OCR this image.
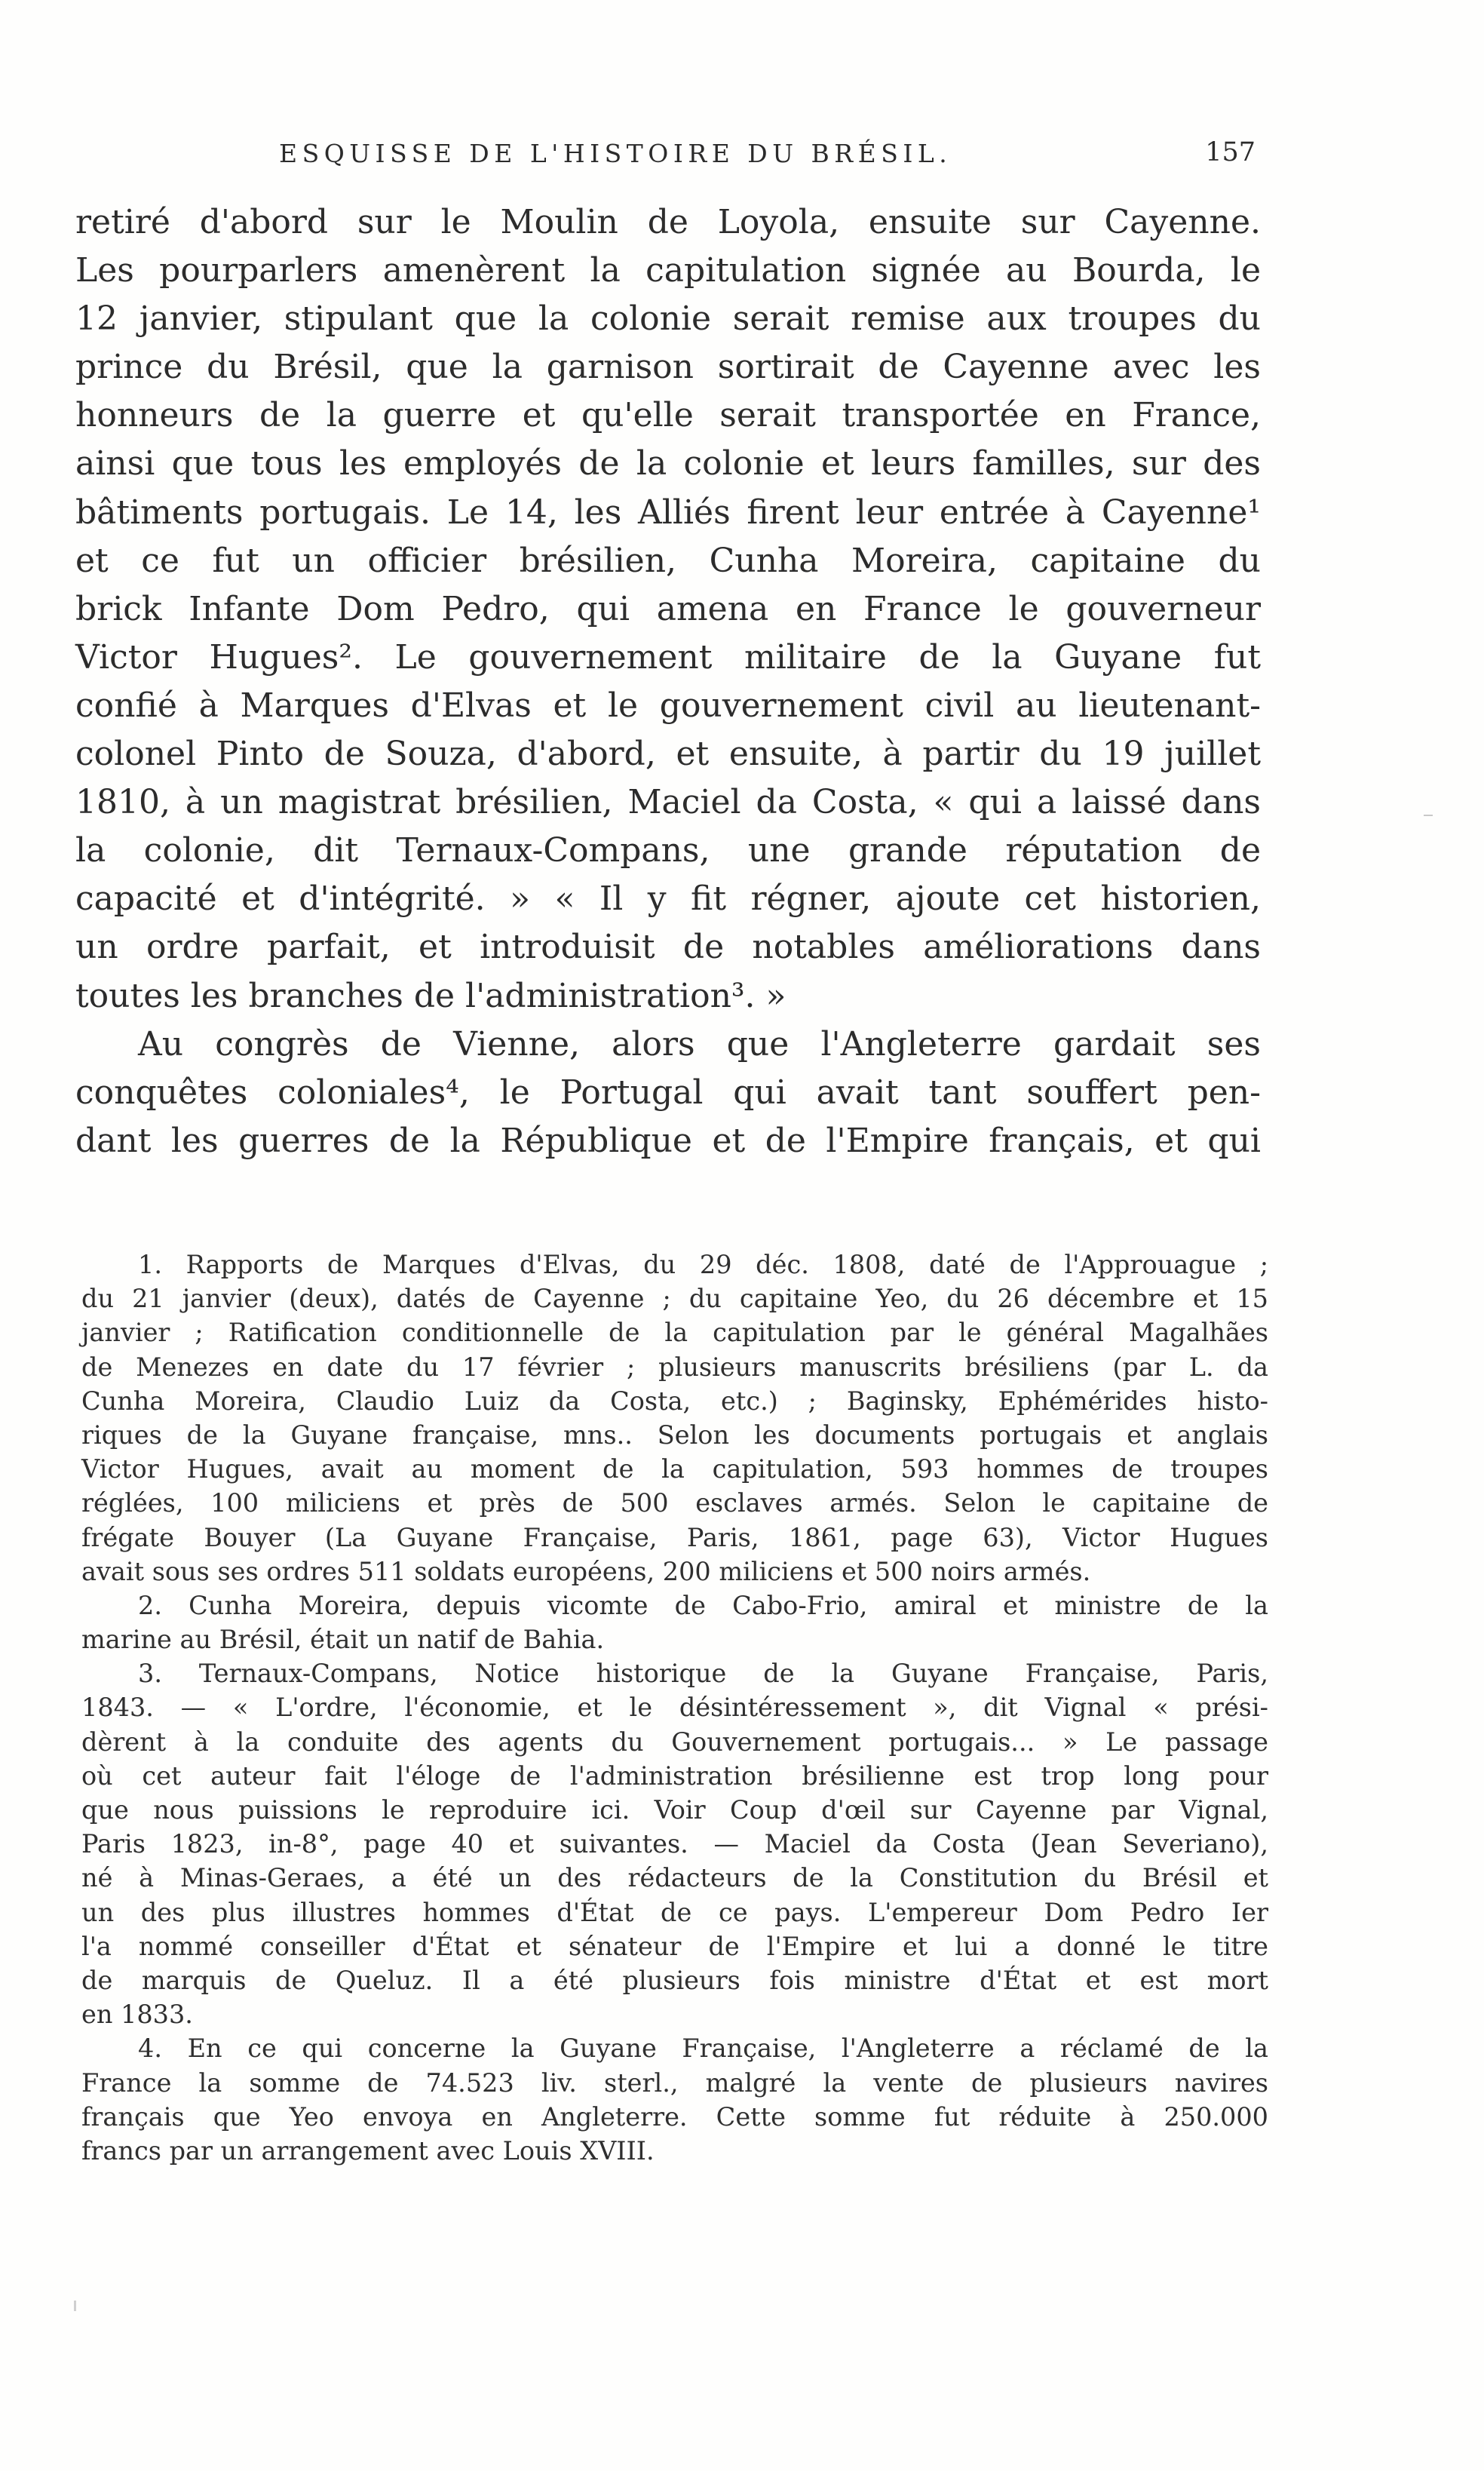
ESQUISSE DE L'HISTOIRE DU BRÉSIL.	157
retiré d'abord sur le Moulin de Loyola, ensuite sur Cayenne.
Les pourparlers amenèrent la capitulation signée au Bourda, le
12 janvier, stipulant que la colonie serait remise aux troupes du
prince du Brésil, que la garnison sortirait de Cayenne avec les
honneurs de la guerre et qu'elle serait transportée en France,
ainsi que tous les employés de la colonie et leurs familles, sur des
bâtiments portugais. Le 14, les Alliés firent leur entrée à Cayenne¹
et ce fut un officier brésilien, Cunha Moreira, capitaine du
brick Infante Dom Pedro, qui amena en France le gouverneur
Victor Hugues². Le gouvernement militaire de la Guyane fut
confié à Marques d'Elvas et le gouvernement civil au lieutenant-
colonel Pinto de Souza, d'abord, et ensuite, à partir du 19 juillet
1810, à un magistrat brésilien, Maciel da Costa, « qui a laissé dans
la colonie, dit Ternaux-Compans, une grande réputation de
capacité et d'intégrité. » « Il y fit régner, ajoute cet historien,
un ordre parfait, et introduisit de notables améliorations dans
toutes les branches de l'administration³. »
Au congrès de Vienne, alors que l'Angleterre gardait ses
conquêtes coloniales⁴, le Portugal qui avait tant souffert pen-
dant les guerres de la République et de l'Empire français, et qui
1. Rapports de Marques d'Elvas, du 29 déc. 1808, daté de l'Approuague ;
du 21 janvier (deux), datés de Cayenne ; du capitaine Yeo, du 26 décembre et 15
janvier ; Ratification conditionnelle de la capitulation par le général Magalhães
de Menezes en date du 17 février ; plusieurs manuscrits brésiliens (par L. da
Cunha Moreira, Claudio Luiz da Costa, etc.) ; Baginsky, Ephémérides histo-
riques de la Guyane française, mns.. Selon les documents portugais et anglais
Victor Hugues, avait au moment de la capitulation, 593 hommes de troupes
réglées, 100 miliciens et près de 500 esclaves armés. Selon le capitaine de
frégate Bouyer (La Guyane Française, Paris, 1861, page 63), Victor Hugues
avait sous ses ordres 511 soldats européens, 200 miliciens et 500 noirs armés.
2. Cunha Moreira, depuis vicomte de Cabo-Frio, amiral et ministre de la
marine au Brésil, était un natif de Bahia.
3. Ternaux-Compans, Notice historique de la Guyane Française, Paris,
1843. — « L'ordre, l'économie, et le désintéressement », dit Vignal « prési-
dèrent à la conduite des agents du Gouvernement portugais... » Le passage
où cet auteur fait l'éloge de l'administration brésilienne est trop long pour
que nous puissions le reproduire ici. Voir Coup d'œil sur Cayenne par Vignal,
Paris 1823, in-8°, page 40 et suivantes. — Maciel da Costa (Jean Severiano),
né à Minas-Geraes, a été un des rédacteurs de la Constitution du Brésil et
un des plus illustres hommes d'État de ce pays. L'empereur Dom Pedro Ier
l'a nommé conseiller d'État et sénateur de l'Empire et lui a donné le titre
de marquis de Queluz. Il a été plusieurs fois ministre d'État et est mort
en 1833.
4. En ce qui concerne la Guyane Française, l'Angleterre a réclamé de la
France la somme de 74.523 liv. sterl., malgré la vente de plusieurs navires
français que Yeo envoya en Angleterre. Cette somme fut réduite à 250.000
francs par un arrangement avec Louis XVIII.
